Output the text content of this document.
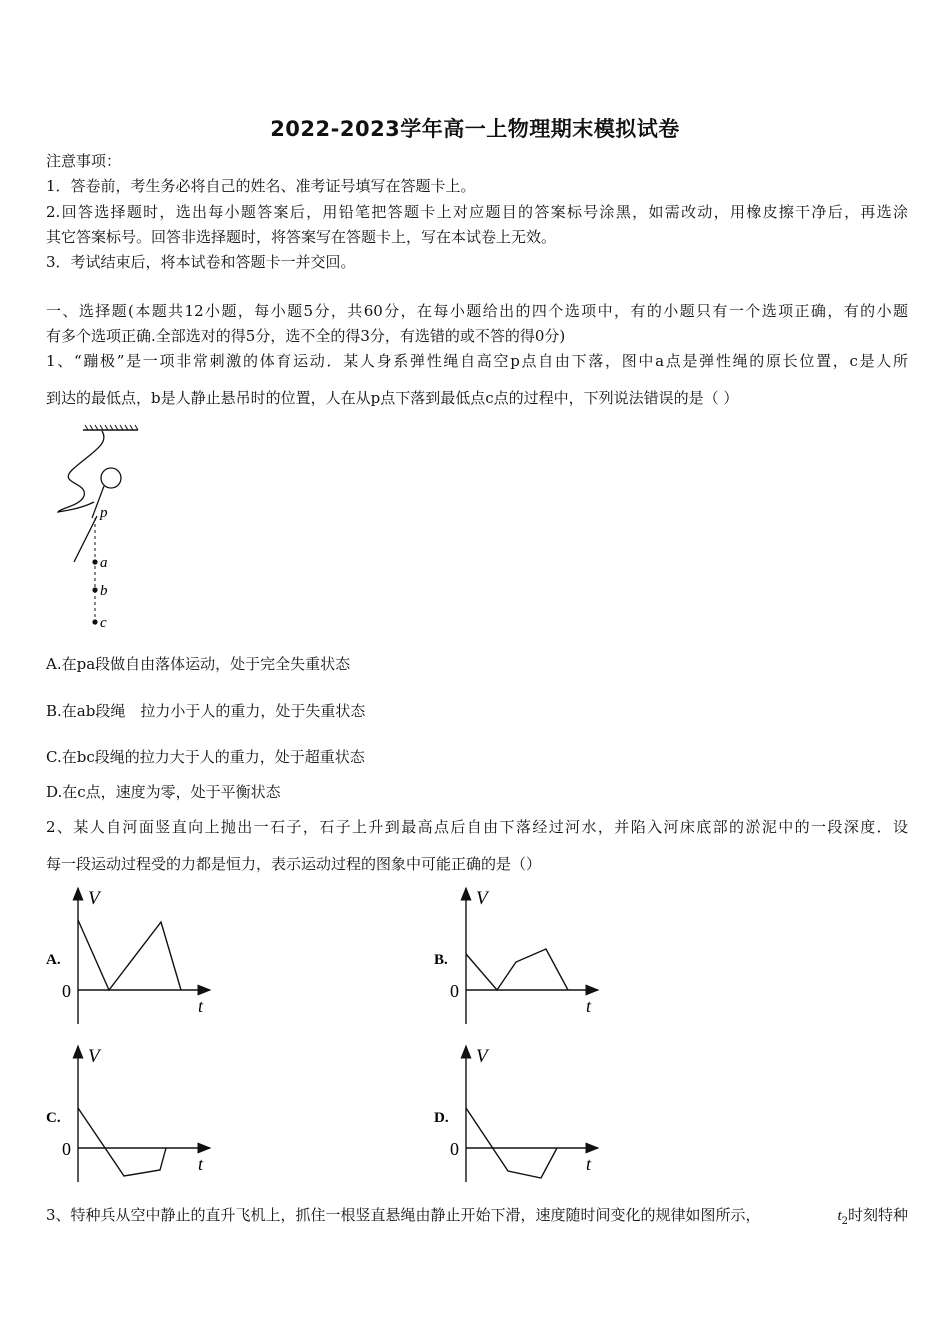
2022-2023学年高一上物理期末模拟试卷
注意事项：
1．答卷前，考生务必将自己的姓名、准考证号填写在答题卡上。
2.回答选择题时，选出每小题答案后，用铅笔把答题卡上对应题目的答案标号涂黑，如需改动，用橡皮擦干净后，再选涂
其它答案标号。回答非选择题时，将答案写在答题卡上，写在本试卷上无效。
3．考试结束后，将本试卷和答题卡一并交回。
一、选择题(本题共12小题，每小题5分，共60分，在每小题给出的四个选项中，有的小题只有一个选项正确，有的小题
有多个选项正确.全部选对的得5分，选不全的得3分，有选错的或不答的得0分)
1、“蹦极”是一项非常刺激的体育运动．某人身系弹性绳自高空p点自由下落，图中a点是弹性绳的原长位置，c是人所
到达的最低点，b是人静止悬吊时的位置，人在从p点下落到最低点c点的过程中，下列说法错误的是（ ）
p
a
b
c
A.在pa段做自由落体运动，处于完全失重状态
B.在ab段绳　拉力小于人的重力，处于失重状态
C.在bc段绳的拉力大于人的重力，处于超重状态
D.在c点，速度为零，处于平衡状态
2、某人自河面竖直向上抛出一石子，石子上升到最高点后自由下落经过河水，并陷入河床底部的淤泥中的一段深度．设
每一段运动过程受的力都是恒力，表示运动过程的图象中可能正确的是（）
A.
V
t
0
B.
V
t
0
C.
V
t
0
D.
V
t
0
3、特种兵从空中静止的直升飞机上，抓住一根竖直悬绳由静止开始下滑，速度随时间变化的规律如图所示，	$t_2$时刻特种
